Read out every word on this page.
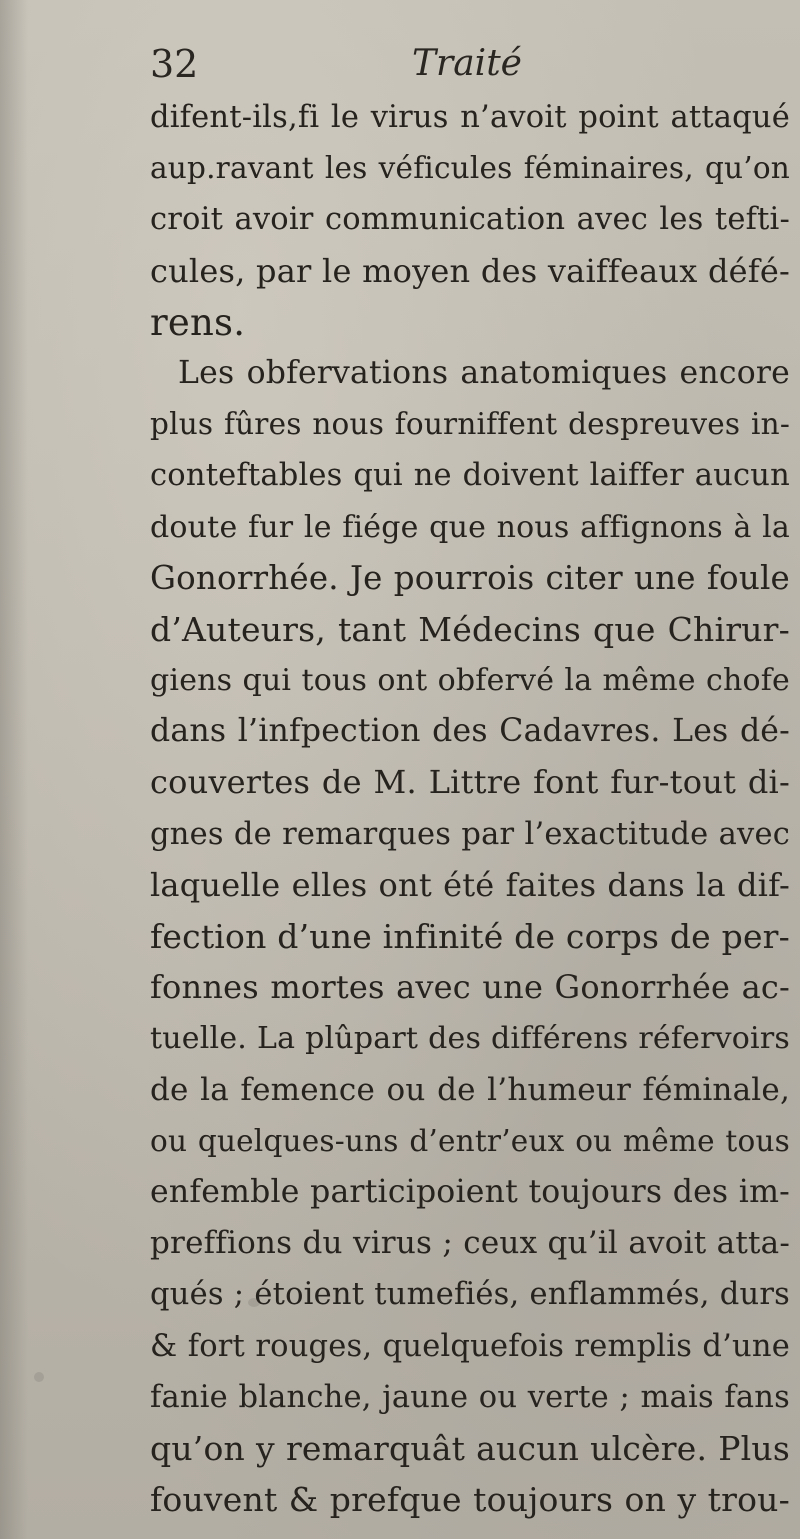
32	Traité
difent-ils,fi le virus n’avoit point attaqué
aup.ravant les véficules féminaires, qu’on
croit avoir communication avec les tefti-
cules, par le moyen des vaiffeaux défé-
rens.
Les obfervations anatomiques encore
plus fûres nous fourniffent despreuves in-
conteftables qui ne doivent laiffer aucun
doute fur le fiége que nous affignons à la
Gonorrhée. Je pourrois citer une foule
d’Auteurs, tant Médecins que Chirur-
giens qui tous ont obfervé la même chofe
dans l’infpection des Cadavres. Les dé-
couvertes de M. Littre font fur-tout di-
gnes de remarques par l’exactitude avec
laquelle elles ont été faites dans la dif-
fection d’une infinité de corps de per-
fonnes mortes avec une Gonorrhée ac-
tuelle. La plûpart des différens réfervoirs
de la femence ou de l’humeur féminale,
ou quelques-uns d’entr’eux ou même tous
enfemble participoient toujours des im-
preffions du virus ; ceux qu’il avoit atta-
qués ; étoient tumefiés, enflammés, durs
& fort rouges, quelquefois remplis d’une
fanie blanche, jaune ou verte ; mais fans
qu’on y remarquât aucun ulcère. Plus
fouvent & prefque toujours on y trou-
